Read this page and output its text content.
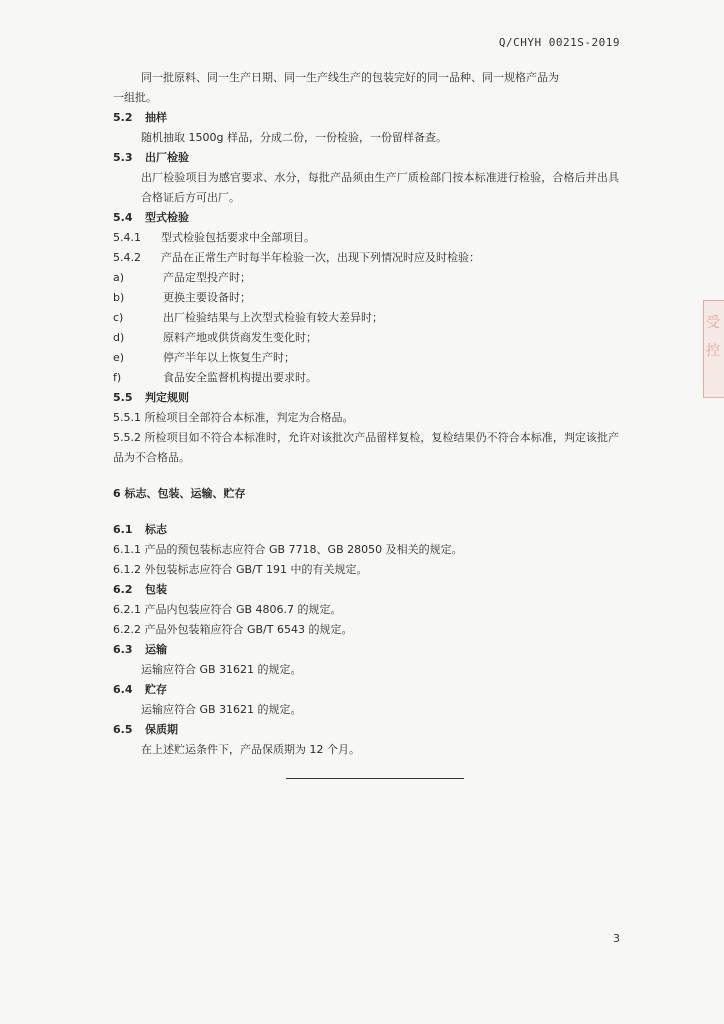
Q/CHYH 0021S-2019
同一批原料、同一生产日期、同一生产线生产的包装完好的同一品种、同一规格产品为
一组批。
5.2 抽样
随机抽取 1500g 样品，分成二份，一份检验，一份留样备查。
5.3 出厂检验
出厂检验项目为感官要求、水分，每批产品须由生产厂质检部门按本标准进行检验，合格后并出具合格证后方可出厂。
5.4 型式检验
5.4.1 型式检验包括要求中全部项目。
5.4.2 产品在正常生产时每半年检验一次，出现下列情况时应及时检验：
a)	产品定型投产时；
b)	更换主要设备时；
c)	出厂检验结果与上次型式检验有较大差异时；
d)	原料产地或供货商发生变化时；
e)	停产半年以上恢复生产时；
f)	食品安全监督机构提出要求时。
5.5 判定规则
5.5.1 所检项目全部符合本标准，判定为合格品。
5.5.2 所检项目如不符合本标准时，允许对该批次产品留样复检，复检结果仍不符合本标准，判定该批产品为不合格品。
6 标志、包装、运输、贮存
6.1 标志
6.1.1 产品的预包装标志应符合 GB 7718、GB 28050 及相关的规定。
6.1.2 外包装标志应符合 GB/T 191 中的有关规定。
6.2 包装
6.2.1 产品内包装应符合 GB 4806.7 的规定。
6.2.2 产品外包装箱应符合 GB/T 6543 的规定。
6.3 运输
运输应符合 GB 31621 的规定。
6.4 贮存
运输应符合 GB 31621 的规定。
6.5 保质期
在上述贮运条件下，产品保质期为 12 个月。
3
受 控
